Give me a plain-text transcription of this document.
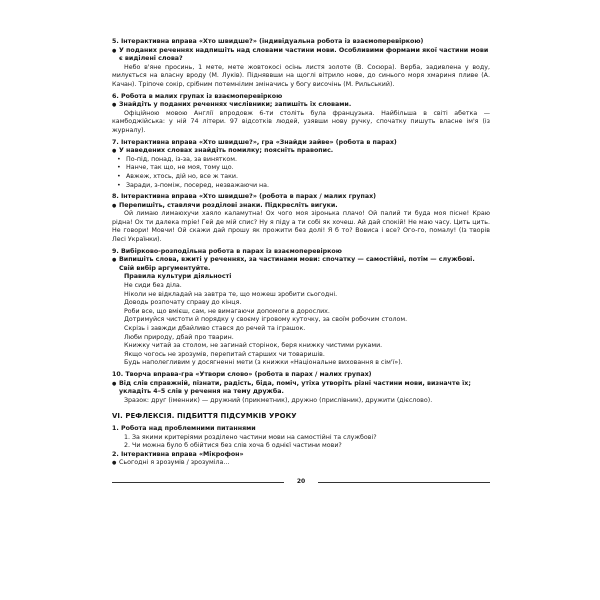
5. Інтерактивна вправа «Хто швидше?» (індивідуальна робота із взаємоперевіркою)
● У поданих реченнях надпишіть над словами частини мови. Особливими формами якої частини мови є виділені слова?
Небо в'яне просинь, 1 мете, мете жовтокосі осінь листя золоте (В. Сосюра). Верба, задивлена у воду, милується на власну вроду (М. Луків). Підняввши на щоглі вітрило нове, до синього моря хмариня пливе (А. Качан). Тріпоче сокір, срібним потемнілим зміначись у богу височінь (М. Рильський).
6. Робота в малих групах із взаємоперевіркою
● Знайдіть у поданих реченнях числівники; запишіть їх словами.
Офіційною мовою Англії впродовж 6-ти століть була французька. Найбільша в світі абетка — камбоджійська: у ній 74 літери. 97 відсотків людей, узявши нову ручку, спочатку пишуть власне ім'я (із журналу).
7. Інтерактивна вправа «Хто швидше?», гра «Знайди зайве» (робота в парах)
● У наведених словах знайдіть помилку; поясніть правопис.
• По-під, понад, із-за, за винятком.
• Нанче, так що, не моя, тому що.
• Авжеж, хтось, дій но, все ж таки.
• Заради, з-поміж, посеред, незважаючи на.
8. Інтерактивна вправа «Хто швидше?» (робота в парах / малих групах)
● Перепишіть, ставлячи розділові знаки. Підкресліть вигуки.
Ой лимаю лимаюхучи хаяло каламутна! Ох чого моя зіронька плачо! Ой палий ти буда моя пісне! Краю рідна! Ох ти далека mpie! Гей де мій спис? Ну я піду а ти собі як хочеш. Ай дай спокій! Не маю часу. Цить цить. Не говори! Мовчи! Ой скажи дай прошу як прожити без долі! Я б то? Вовиса і все? Ого-го, помалу! (Із творів Лесі Українки).
9. Вибірково-розподільна робота в парах із взаємоперевіркою
● Випишіть слова, вжиті у реченнях, за частинами мови: спочатку — самостійні, потім — службові. Свій вибір аргументуйте.
Правила культури діяльності
Не сиди без діла.
Ніколи не відкладай на завтра те, що можеш зробити сьогодні.
Доводь розпочату справу до кінця.
Роби все, що вмієш, сам, не вимагаючи допомоги в дорослих.
Дотримуйся чистоти й порядку у своєму ігровому куточку, за своїм робочим столом.
Скрізь і завжди дбайливо стався до речей та іграшок.
Люби природу, дбай про тварин.
Книжку читай за столом, не загинай сторінок, беря книжку чистими руками.
Якщо чогось не зрозумів, перепитай старших чи товаришів.
Будь наполегливим у досягненні мети (з книжки «Національне виховання в сім'ї»).
10. Творча вправа-гра «Утвори слово» (робота в парах / малих групах)
● Від слів справжній, пізнати, радість, біда, поміч, утіха утворіть різні частини мови, визначте їх; укладіть 4–5 слів у речення на тему дружба.
Зразок: друг (іменник) — дружний (прикметник), дружно (прислівник), дружити (дієслово).
VI. РЕФЛЕКСІЯ. ПІДБИТТЯ ПІДСУМКІВ УРОКУ
1. Робота над проблемними питаннями
1. За якими критеріями розділено частини мови на самостійні та службові?
2. Чи можна було б обійтися без слів хоча б однієї частини мови?
2. Інтерактивна вправа «Мікрофон»
● Сьогодні я зрозумів / зрозуміла...
20
